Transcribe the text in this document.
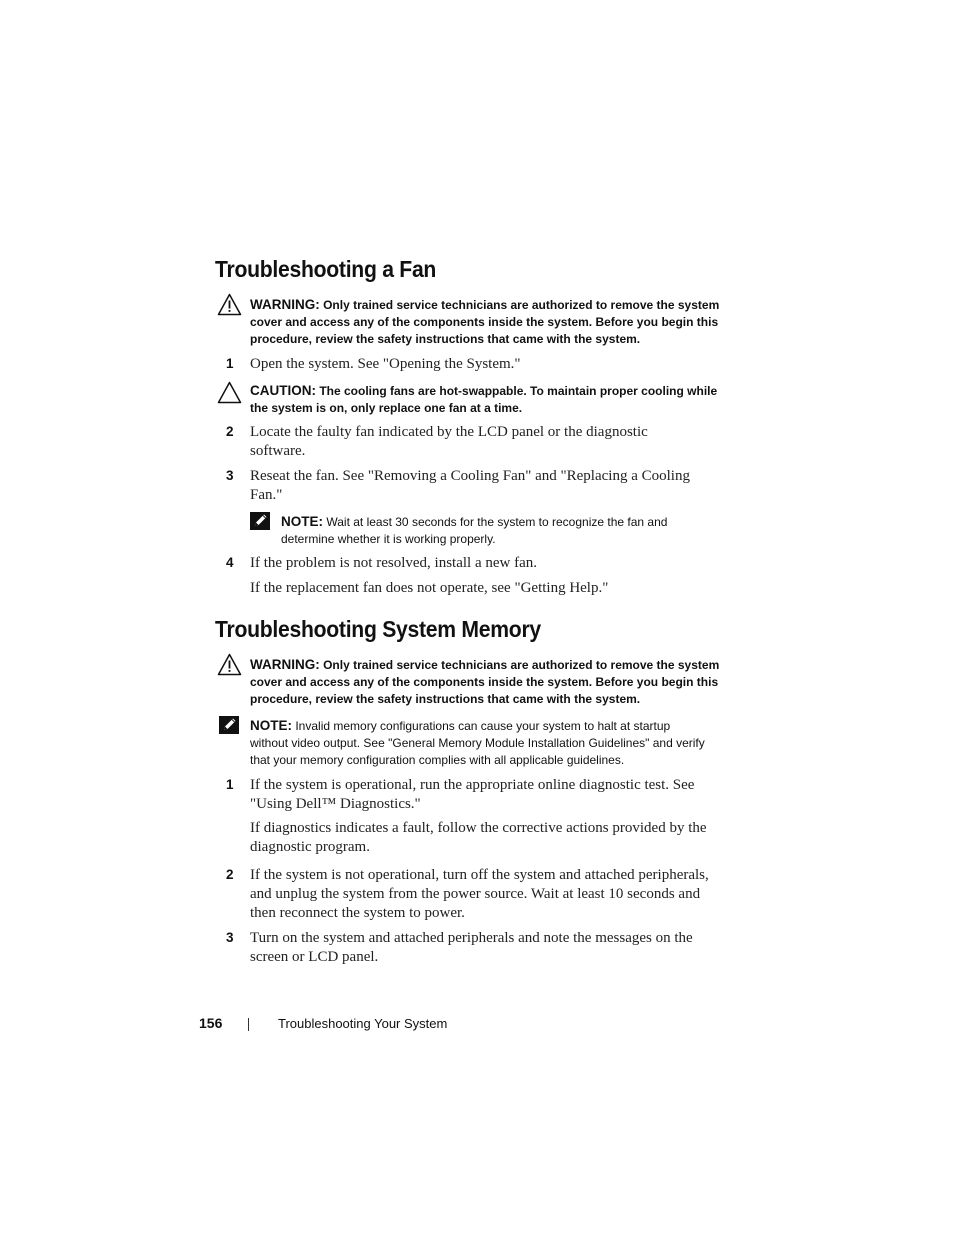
Troubleshooting a Fan
WARNING: Only trained service technicians are authorized to remove the system cover and access any of the components inside the system. Before you begin this procedure, review the safety instructions that came with the system.
1 Open the system. See "Opening the System."
CAUTION: The cooling fans are hot-swappable. To maintain proper cooling while the system is on, only replace one fan at a time.
2 Locate the faulty fan indicated by the LCD panel or the diagnostic software.
3 Reseat the fan. See "Removing a Cooling Fan" and "Replacing a Cooling Fan."
NOTE: Wait at least 30 seconds for the system to recognize the fan and determine whether it is working properly.
4 If the problem is not resolved, install a new fan.
If the replacement fan does not operate, see "Getting Help."
Troubleshooting System Memory
WARNING: Only trained service technicians are authorized to remove the system cover and access any of the components inside the system. Before you begin this procedure, review the safety instructions that came with the system.
NOTE: Invalid memory configurations can cause your system to halt at startup without video output. See "General Memory Module Installation Guidelines" and verify that your memory configuration complies with all applicable guidelines.
1 If the system is operational, run the appropriate online diagnostic test. See "Using Dell™ Diagnostics."
If diagnostics indicates a fault, follow the corrective actions provided by the diagnostic program.
2 If the system is not operational, turn off the system and attached peripherals, and unplug the system from the power source. Wait at least 10 seconds and then reconnect the system to power.
3 Turn on the system and attached peripherals and note the messages on the screen or LCD panel.
156	Troubleshooting Your System
